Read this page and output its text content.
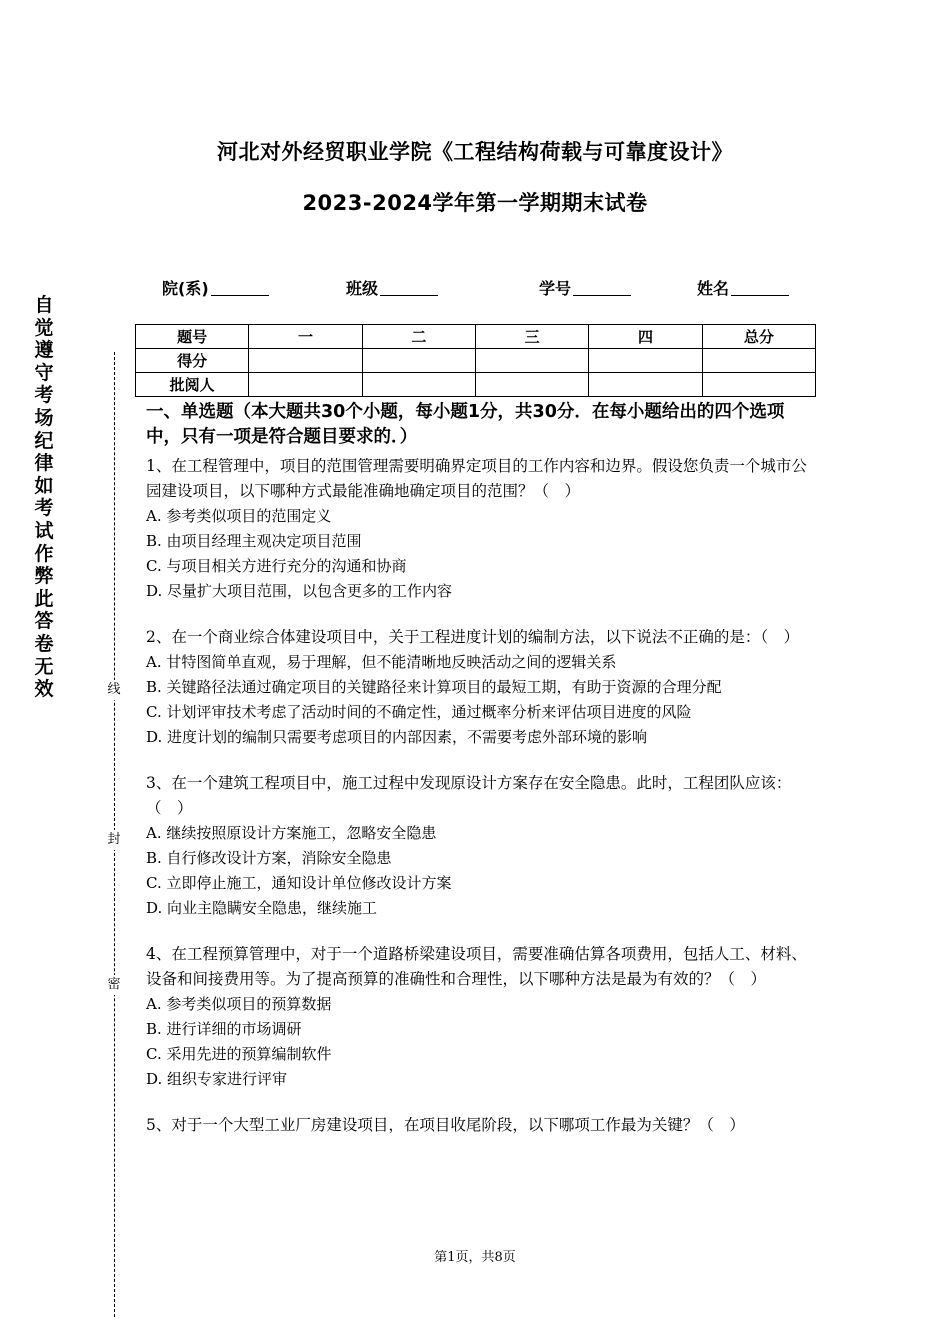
河北对外经贸职业学院《工程结构荷载与可靠度设计》
2023-2024学年第一学期期末试卷
院(系)	班级	学号	姓名
题号	一	二	三	四	总分
得分					
批阅人					
自
觉
遵
守
考
场
纪
律
如
考
试
作
弊
此
答
卷
无
效	线
封
密
一、单选题（本大题共30个小题，每小题1分，共30分．在每小题给出的四个选项中，只有一项是符合题目要求的．）
1、在工程管理中，项目的范围管理需要明确界定项目的工作内容和边界。假设您负责一个城市公园建设项目，以下哪种方式最能准确地确定项目的范围？（　）
A. 参考类似项目的范围定义
B. 由项目经理主观决定项目范围
C. 与项目相关方进行充分的沟通和协商
D. 尽量扩大项目范围，以包含更多的工作内容
2、在一个商业综合体建设项目中，关于工程进度计划的编制方法，以下说法不正确的是：（　）
A. 甘特图简单直观，易于理解，但不能清晰地反映活动之间的逻辑关系
B. 关键路径法通过确定项目的关键路径来计算项目的最短工期，有助于资源的合理分配
C. 计划评审技术考虑了活动时间的不确定性，通过概率分析来评估项目进度的风险
D. 进度计划的编制只需要考虑项目的内部因素，不需要考虑外部环境的影响
3、在一个建筑工程项目中，施工过程中发现原设计方案存在安全隐患。此时，工程团队应该：（　）
A. 继续按照原设计方案施工，忽略安全隐患
B. 自行修改设计方案，消除安全隐患
C. 立即停止施工，通知设计单位修改设计方案
D. 向业主隐瞒安全隐患，继续施工
4、在工程预算管理中，对于一个道路桥梁建设项目，需要准确估算各项费用，包括人工、材料、设备和间接费用等。为了提高预算的准确性和合理性，以下哪种方法是最为有效的？（　）
A. 参考类似项目的预算数据
B. 进行详细的市场调研
C. 采用先进的预算编制软件
D. 组织专家进行评审
5、对于一个大型工业厂房建设项目，在项目收尾阶段，以下哪项工作最为关键？（　）
第1页，共8页
